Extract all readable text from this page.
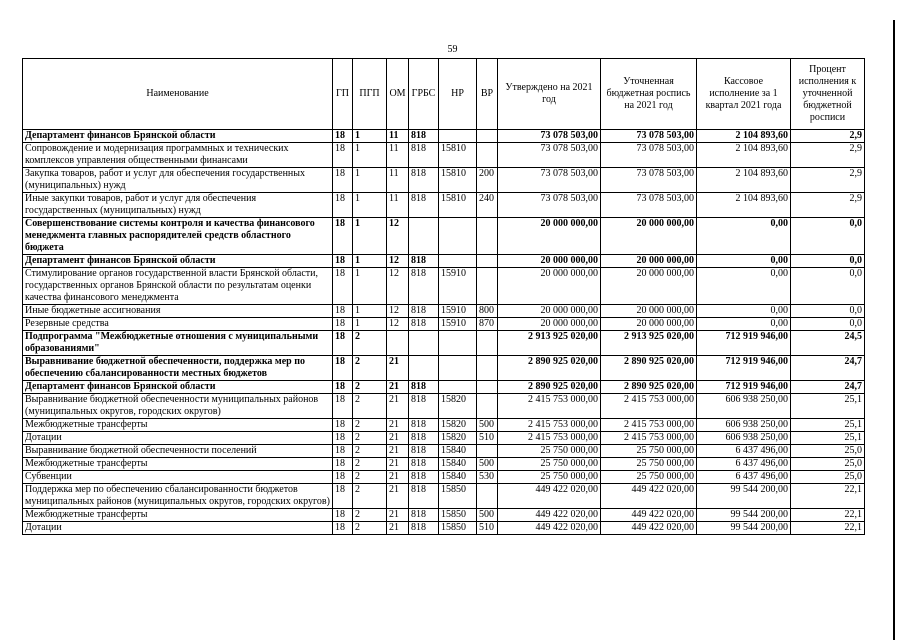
59
Наименование	ГП	ПГП	ОМ	ГРБС	НР	ВР	Утверждено на 2021 год	Уточненная бюджетная роспись на 2021 год	Кассовое исполнение за 1 квартал 2021 года	Процент исполнения к уточненной бюджетной росписи
Департамент финансов Брянской области	18	1	11	818			73 078 503,00	73 078 503,00	2 104 893,60	2,9
Сопровождение и модернизация программных и технических комплексов управления общественными финансами	18	1	11	818	15810		73 078 503,00	73 078 503,00	2 104 893,60	2,9
Закупка товаров, работ и услуг для обеспечения государственных (муниципальных) нужд	18	1	11	818	15810	200	73 078 503,00	73 078 503,00	2 104 893,60	2,9
Иные закупки товаров, работ и услуг для обеспечения государственных (муниципальных) нужд	18	1	11	818	15810	240	73 078 503,00	73 078 503,00	2 104 893,60	2,9
Совершенствование системы контроля и качества финансового менеджмента главных распорядителей средств областного бюджета	18	1	12				20 000 000,00	20 000 000,00	0,00	0,0
Департамент финансов Брянской области	18	1	12	818			20 000 000,00	20 000 000,00	0,00	0,0
Стимулирование органов государственной власти Брянской области, государственных органов Брянской области по результатам оценки качества финансового менеджмента	18	1	12	818	15910		20 000 000,00	20 000 000,00	0,00	0,0
Иные бюджетные ассигнования	18	1	12	818	15910	800	20 000 000,00	20 000 000,00	0,00	0,0
Резервные средства	18	1	12	818	15910	870	20 000 000,00	20 000 000,00	0,00	0,0
Подпрограмма "Межбюджетные отношения с муниципальными образованиями"	18	2					2 913 925 020,00	2 913 925 020,00	712 919 946,00	24,5
Выравнивание бюджетной обеспеченности, поддержка мер по обеспечению сбалансированности местных бюджетов	18	2	21				2 890 925 020,00	2 890 925 020,00	712 919 946,00	24,7
Департамент финансов Брянской области	18	2	21	818			2 890 925 020,00	2 890 925 020,00	712 919 946,00	24,7
Выравнивание бюджетной обеспеченности муниципальных районов (муниципальных округов, городских округов)	18	2	21	818	15820		2 415 753 000,00	2 415 753 000,00	606 938 250,00	25,1
Межбюджетные трансферты	18	2	21	818	15820	500	2 415 753 000,00	2 415 753 000,00	606 938 250,00	25,1
Дотации	18	2	21	818	15820	510	2 415 753 000,00	2 415 753 000,00	606 938 250,00	25,1
Выравнивание бюджетной обеспеченности поселений	18	2	21	818	15840		25 750 000,00	25 750 000,00	6 437 496,00	25,0
Межбюджетные трансферты	18	2	21	818	15840	500	25 750 000,00	25 750 000,00	6 437 496,00	25,0
Субвенции	18	2	21	818	15840	530	25 750 000,00	25 750 000,00	6 437 496,00	25,0
Поддержка мер по обеспечению сбалансированности бюджетов муниципальных районов (муниципальных округов, городских округов)	18	2	21	818	15850		449 422 020,00	449 422 020,00	99 544 200,00	22,1
Межбюджетные трансферты	18	2	21	818	15850	500	449 422 020,00	449 422 020,00	99 544 200,00	22,1
Дотации	18	2	21	818	15850	510	449 422 020,00	449 422 020,00	99 544 200,00	22,1
